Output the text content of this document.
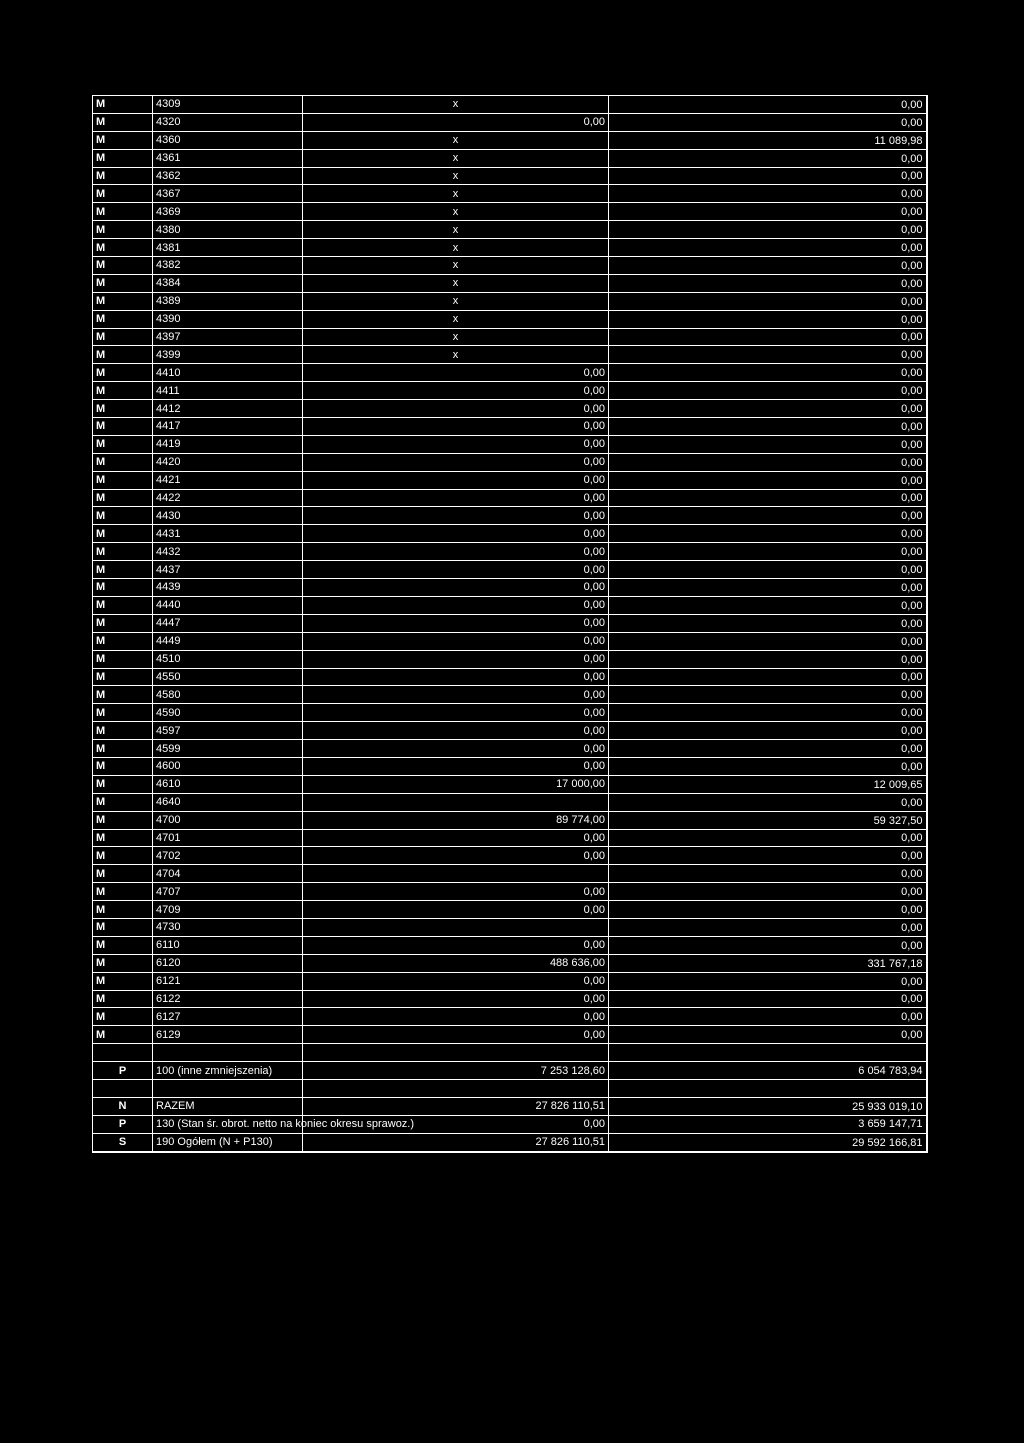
M	4309	x	0,00
M	4320	0,00	0,00
M	4360	x	11 089,98
M	4361	x	0,00
M	4362	x	0,00
M	4367	x	0,00
M	4369	x	0,00
M	4380	x	0,00
M	4381	x	0,00
M	4382	x	0,00
M	4384	x	0,00
M	4389	x	0,00
M	4390	x	0,00
M	4397	x	0,00
M	4399	x	0,00
M	4410	0,00	0,00
M	4411	0,00	0,00
M	4412	0,00	0,00
M	4417	0,00	0,00
M	4419	0,00	0,00
M	4420	0,00	0,00
M	4421	0,00	0,00
M	4422	0,00	0,00
M	4430	0,00	0,00
M	4431	0,00	0,00
M	4432	0,00	0,00
M	4437	0,00	0,00
M	4439	0,00	0,00
M	4440	0,00	0,00
M	4447	0,00	0,00
M	4449	0,00	0,00
M	4510	0,00	0,00
M	4550	0,00	0,00
M	4580	0,00	0,00
M	4590	0,00	0,00
M	4597	0,00	0,00
M	4599	0,00	0,00
M	4600	0,00	0,00
M	4610	17 000,00	12 009,65
M	4640		0,00
M	4700	89 774,00	59 327,50
M	4701	0,00	0,00
M	4702	0,00	0,00
M	4704		0,00
M	4707	0,00	0,00
M	4709	0,00	0,00
M	4730		0,00
M	6110	0,00	0,00
M	6120	488 636,00	331 767,18
M	6121	0,00	0,00
M	6122	0,00	0,00
M	6127	0,00	0,00
M	6129	0,00	0,00

P	100 (inne zmniejszenia)	7 253 128,60	6 054 783,94

N	RAZEM	27 826 110,51	25 933 019,10
P	130 (Stan śr. obrot. netto na koniec okresu sprawoz.)	0,00	3 659 147,71
S	190 Ogółem (N + P130)	27 826 110,51	29 592 166,81
